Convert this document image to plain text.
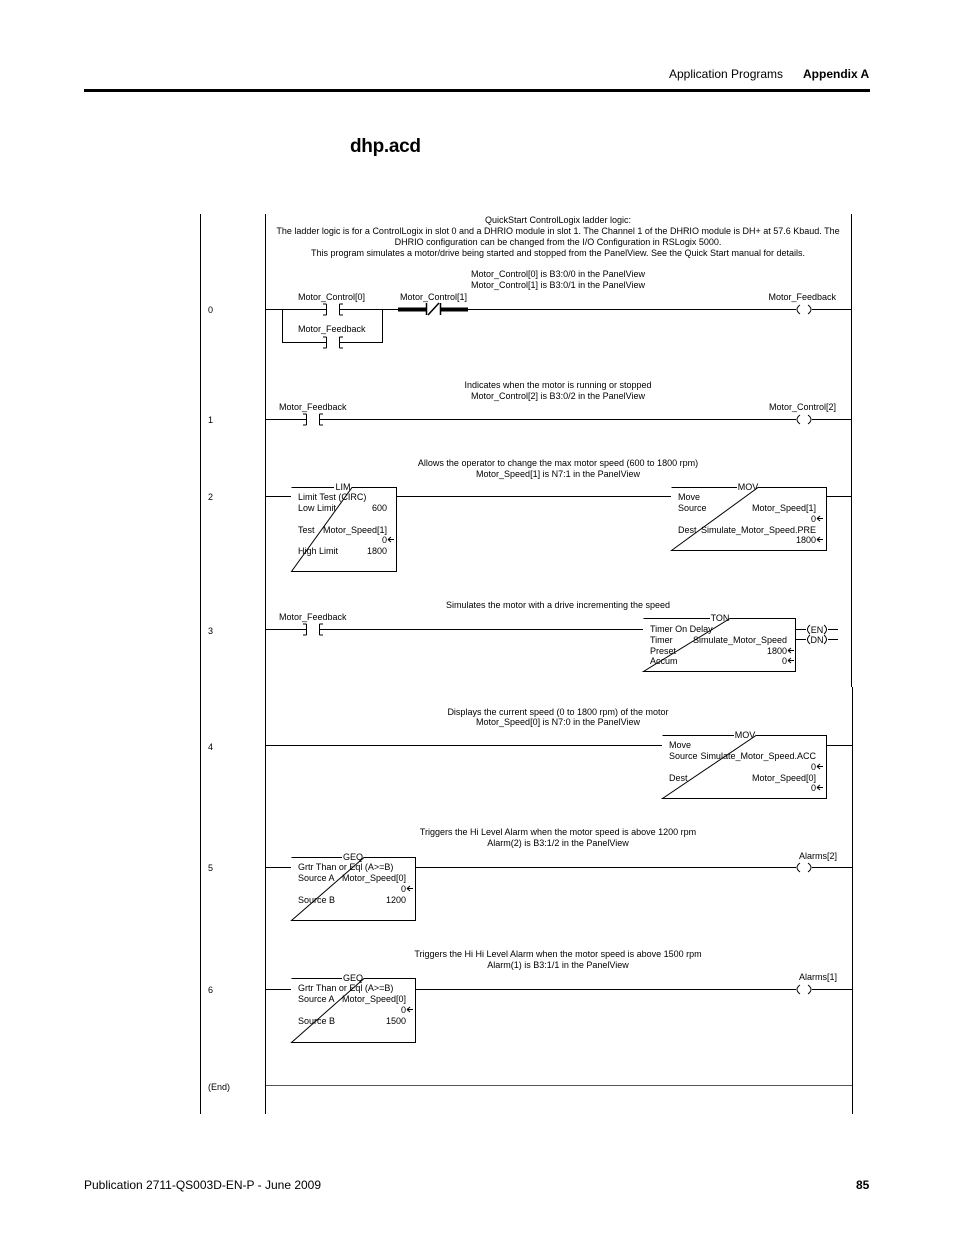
Application Programs Appendix A
dhp.acd
QuickStart ControlLogix ladder logic:
The ladder logic is for a ControlLogix in slot 0 and a DHRIO module in slot 1. The Channel 1 of the DHRIO module is DH+ at 57.6 Kbaud. The
DHRIO configuration can be changed from the I/O Configuration in RSLogix 5000.
This program simulates a motor/drive being started and stopped from the PanelView. See the Quick Start manual for details.
0
Motor_Control[0] is B3:0/0 in the PanelView
Motor_Control[1] is B3:0/1 in the PanelView
Motor_Control[0]	Motor_Control[1]
Motor_Feedback
Motor_Feedback
1
Indicates when the motor is running or stopped
Motor_Control[2] is B3:0/2 in the PanelView
Motor_Feedback	Motor_Control[2]
2
Allows the operator to change the max motor speed (600 to 1800 rpm)
Motor_Speed[1] is N7:1 in the PanelView
LIM
Limit Test (CIRC)
Low Limit	600
Test Motor_Speed[1]
0
High Limit	1800
MOV
Move
Source	Motor_Speed[1]
0
Dest Simulate_Motor_Speed.PRE
1800
3
Simulates the motor with a drive incrementing the speed
Motor_Feedback	TON
Timer On Delay
Timer Simulate_Motor_Speed
Preset	1800
Accum	0
EN
DN
4
Displays the current speed (0 to 1800 rpm) of the motor
Motor_Speed[0] is N7:0 in the PanelView
MOV
Move
Source Simulate_Motor_Speed.ACC
0
Dest	Motor_Speed[0]
0
5
Triggers the Hi Level Alarm when the motor speed is above 1200 rpm
Alarm(2) is B3:1/2 in the PanelView
GEQ
Grtr Than or Eql (A>=B)
Source A Motor_Speed[0]
0
Source B	1200
Alarms[2]
6
Triggers the Hi Hi Level Alarm when the motor speed is above 1500 rpm
Alarm(1) is B3:1/1 in the PanelView
GEQ
Grtr Than or Eql (A>=B)
Source A Motor_Speed[0]
0
Source B	1500
Alarms[1]
(End)
Publication 2711-QS003D-EN-P - June 2009	85
